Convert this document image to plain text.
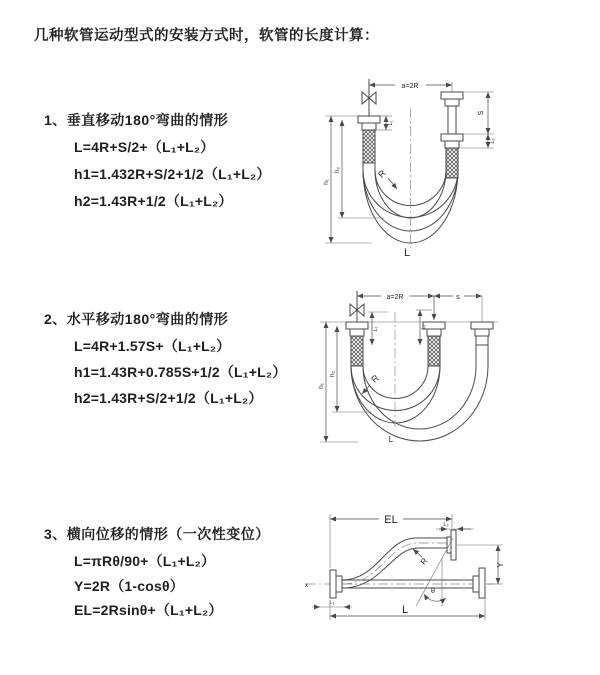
几种软管运动型式的安装方式时，软管的长度计算：
1、垂直移动180°弯曲的情形
L=4R+S/2+（L₁+L₂）
h1=1.432R+S/2+1/2（L₁+L₂）
h2=1.43R+1/2（L₁+L₂）
2、水平移动180°弯曲的情形
L=4R+1.57S+（L₁+L₂）
h1=1.43R+0.785S+1/2（L₁+L₂）
h2=1.43R+S/2+1/2（L₁+L₂）
3、横向位移的情形（一次性变位）
L=πRθ/90+（L₁+L₂）
Y=2R（1-cosθ）
EL=2Rsinθ+（L₁+L₂）
a=2R
h₁
h₂
L₁
S
L₂
R
L
a=2R	s
h₁
h₂
L₁	L₂
R
L
x
EL	L₂
Y
θ
R
L₁
L
